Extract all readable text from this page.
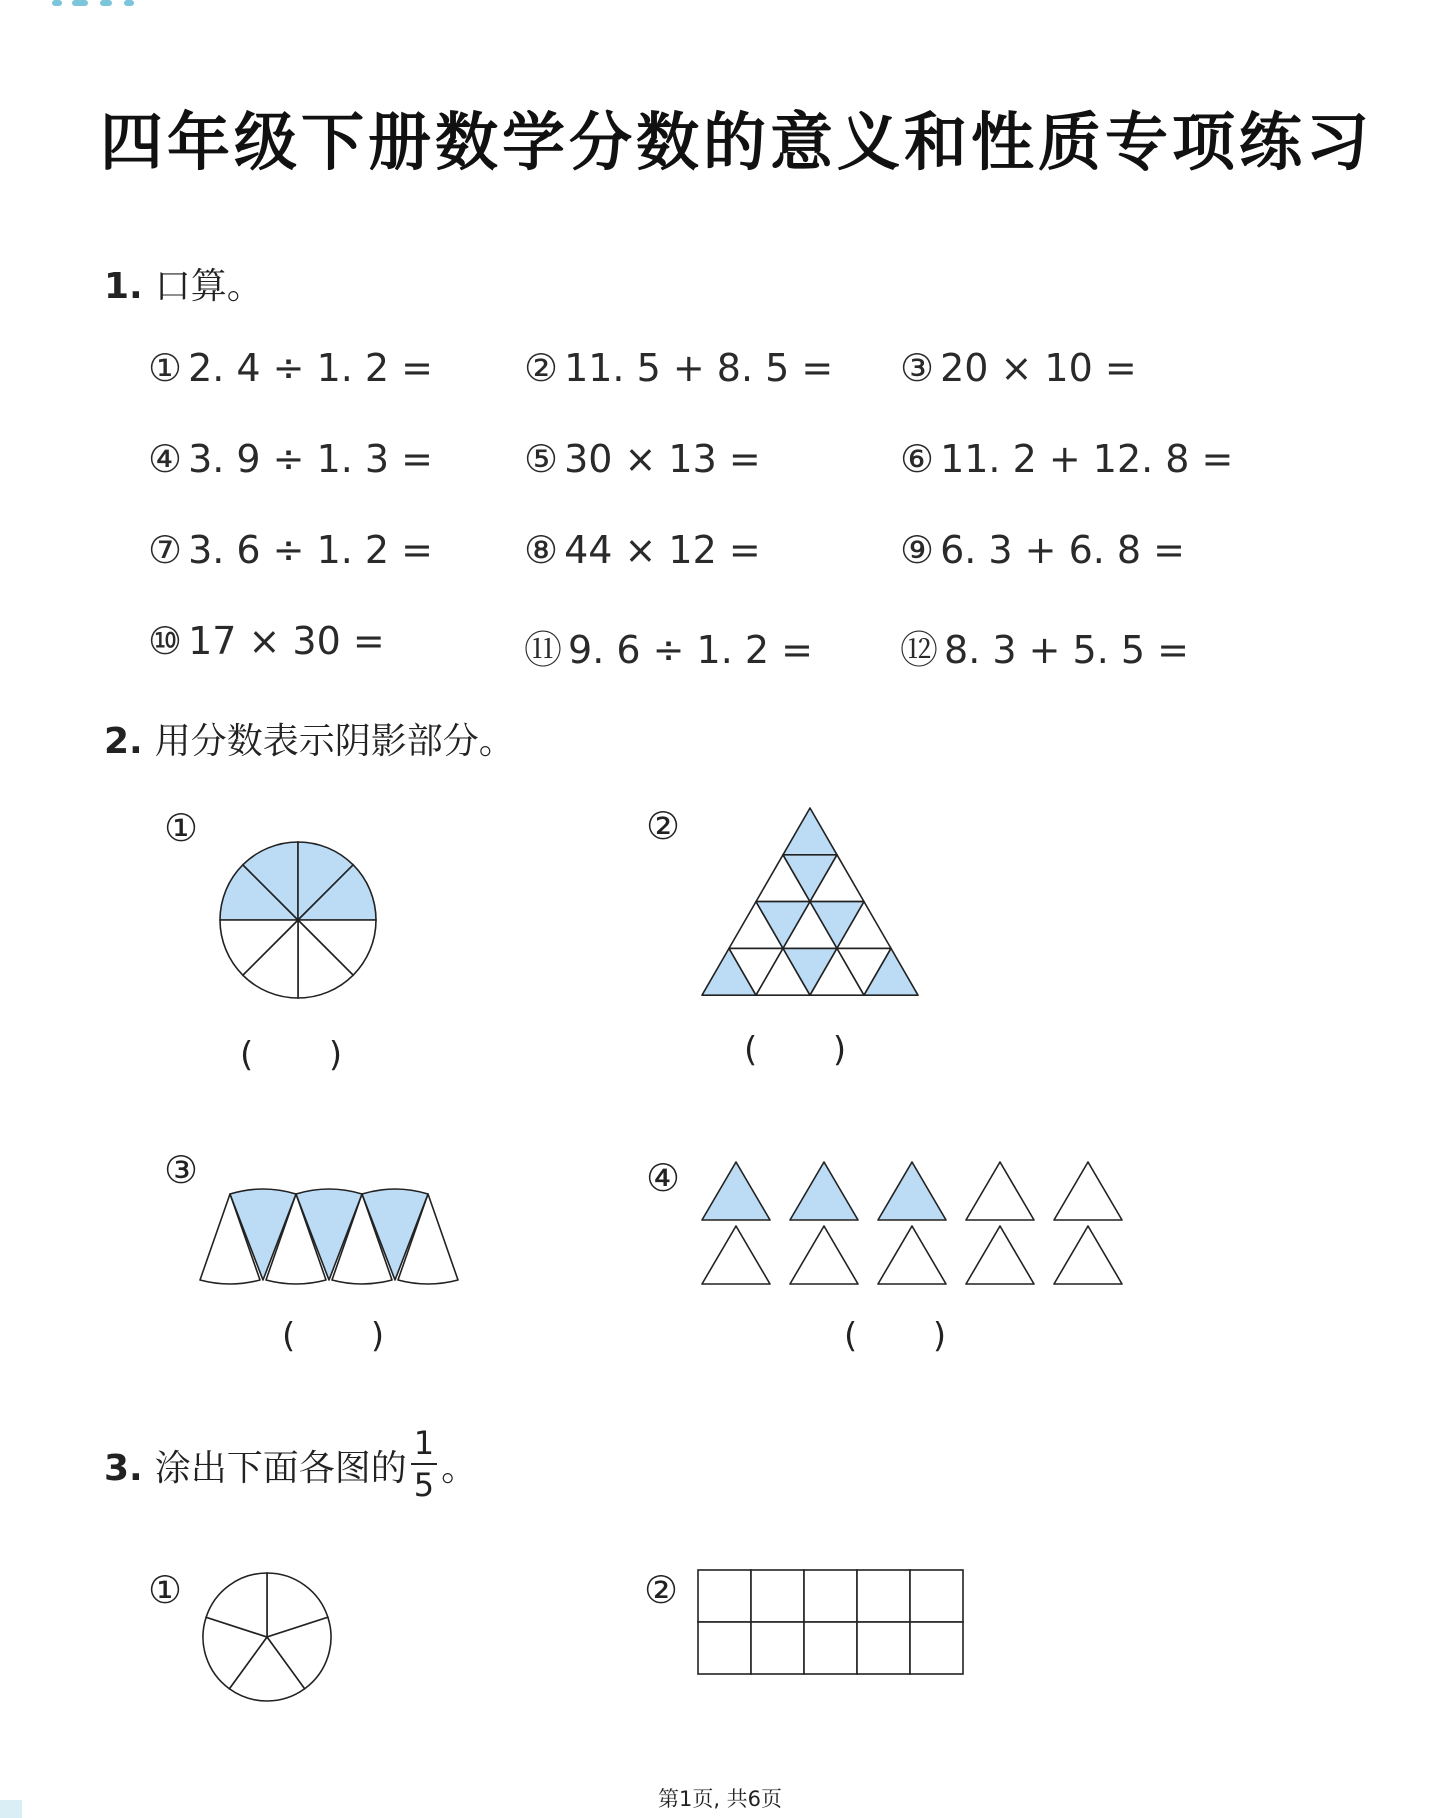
四年级下册数学分数的意义和性质专项练习
1. 口算。
① 2. 4 ÷ 1. 2 = ② 11. 5 + 8. 5 = ③ 20 × 10 =
④ 3. 9 ÷ 1. 3 = ⑤ 30 × 13 =	⑥ 11. 2 + 12. 8 =
⑦ 3. 6 ÷ 1. 2 = ⑧ 44 × 12 =	⑨ 6. 3 + 6. 8 =
⑩ 17 × 30 =	⑪ 9. 6 ÷ 1. 2 = ⑫ 8. 3 + 5. 5 =
2. 用分数表示阴影部分。
①
(       )
②
(       )
③
(       )
④
(       )
3. 涂出下面各图的 $\frac{1}{5}$ 。
①	②
第1页, 共6页
